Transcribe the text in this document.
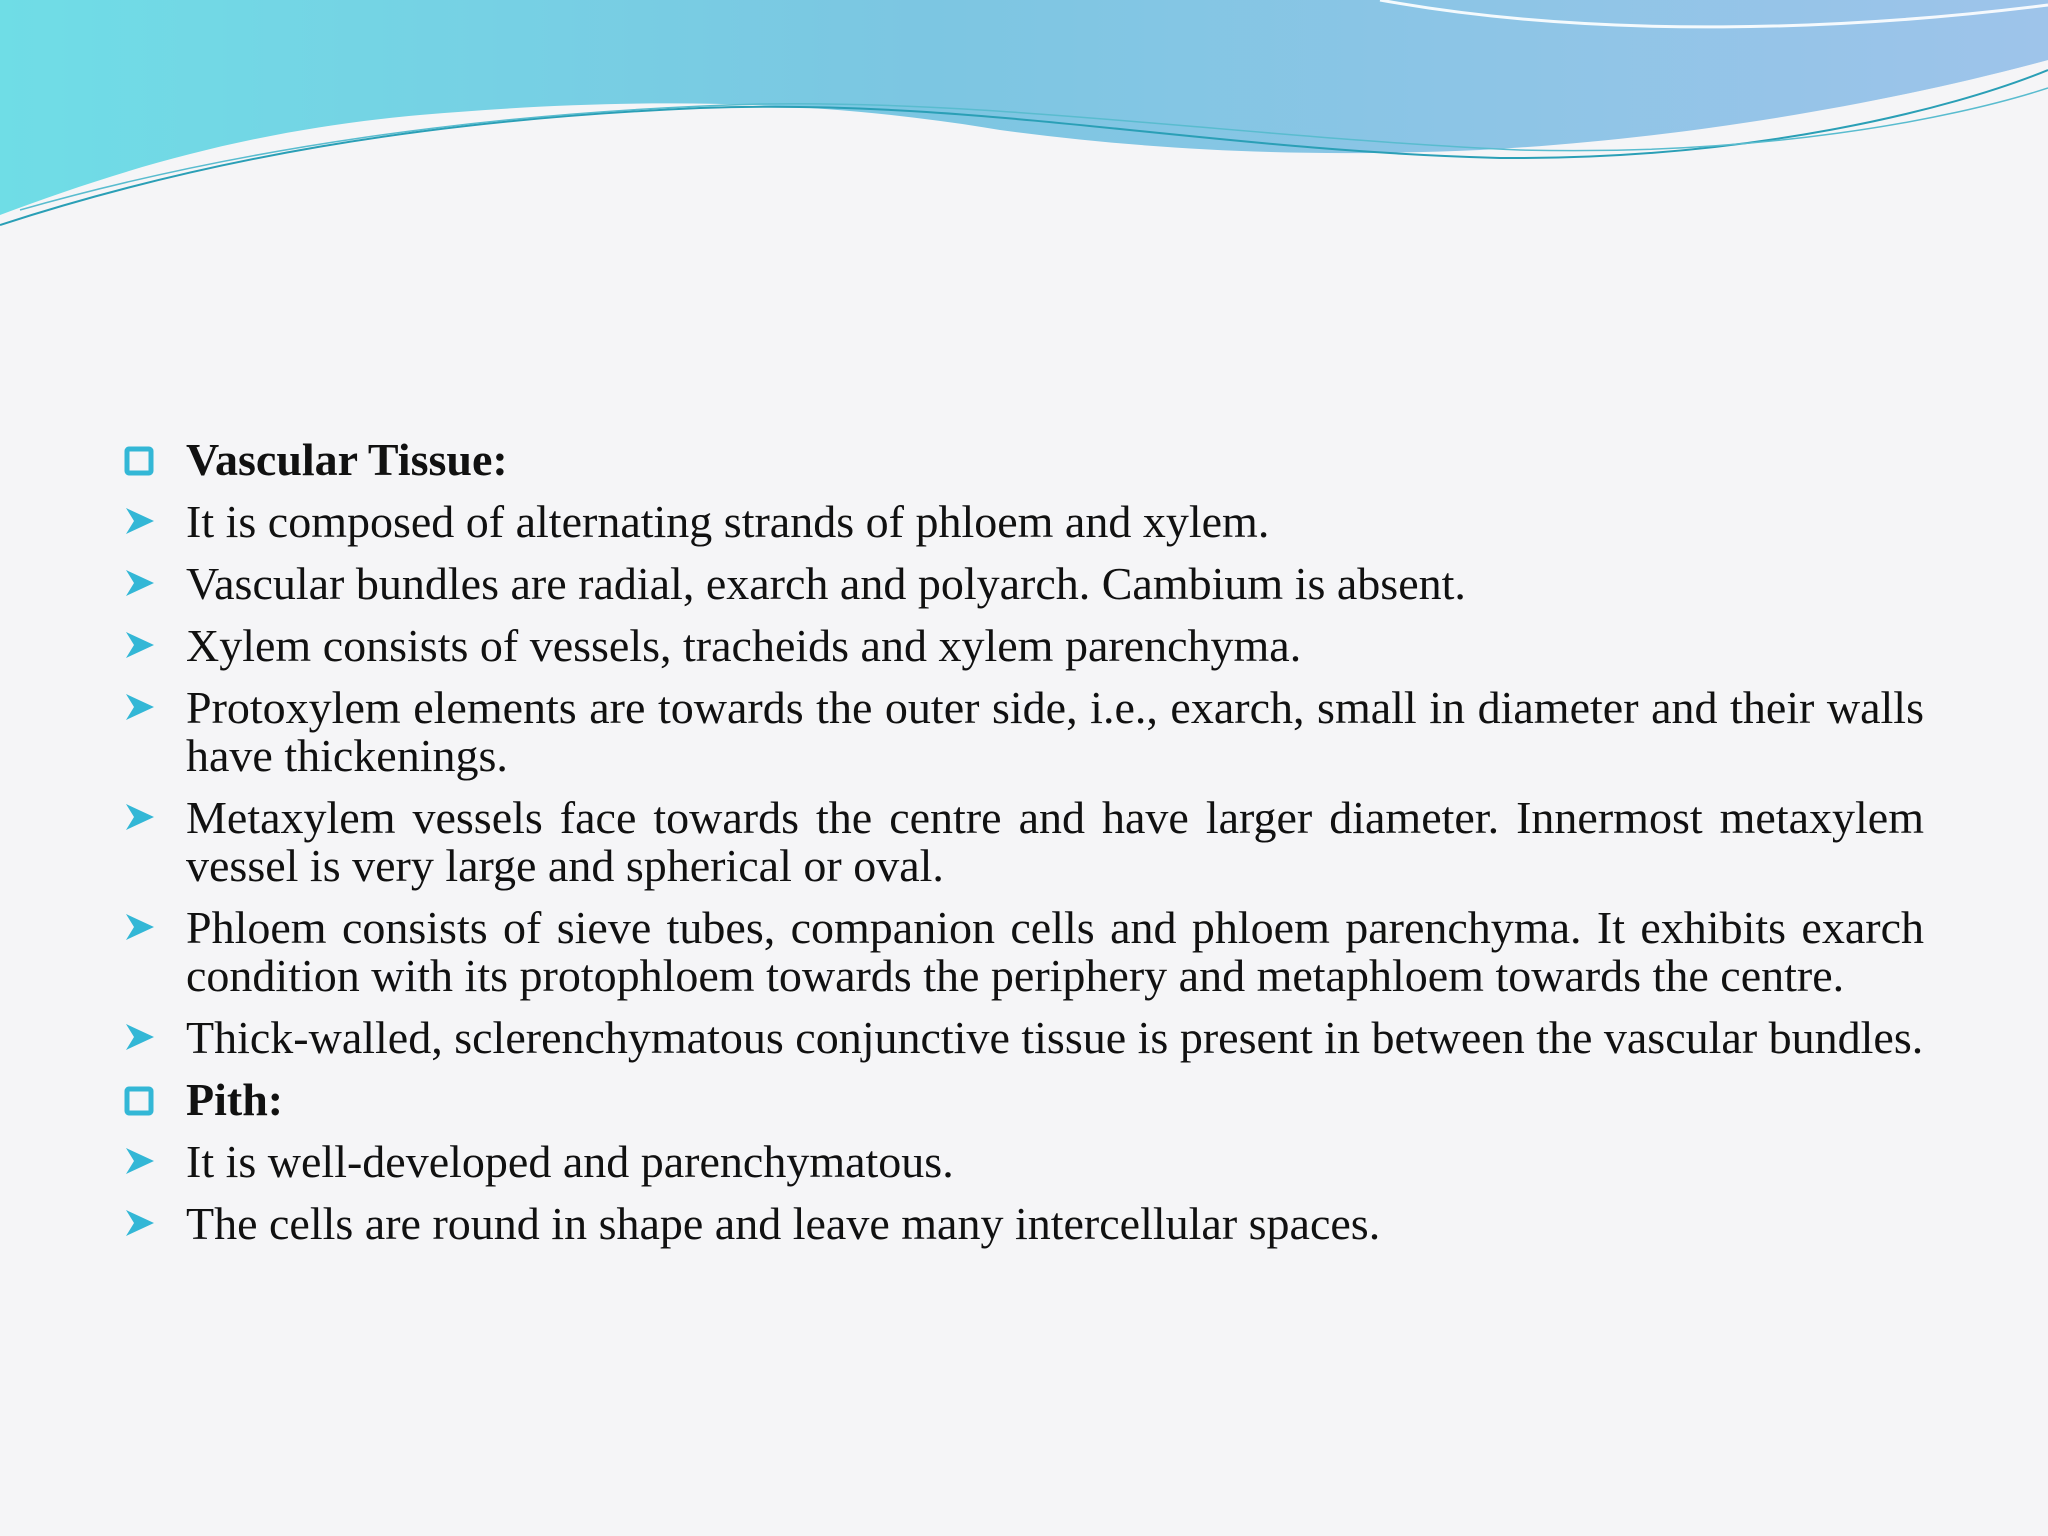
Vascular Tissue:
It is composed of alternating strands of phloem and xylem.
Vascular bundles are radial, exarch and polyarch. Cambium is absent.
Xylem consists of vessels, tracheids and xylem parenchyma.
Protoxylem elements are towards the outer side, i.e., exarch, small in diameter and their walls have thickenings.
Metaxylem vessels face towards the centre and have larger diameter. Innermost metaxylem vessel is very large and spherical or oval.
Phloem consists of sieve tubes, companion cells and phloem parenchyma. It exhibits exarch condition with its protophloem towards the periphery and metaphloem towards the centre.
Thick-walled, sclerenchymatous conjunctive tissue is present in between the vascular bundles.
Pith:
It is well-developed and parenchymatous.
The cells are round in shape and leave many intercellular spaces.
